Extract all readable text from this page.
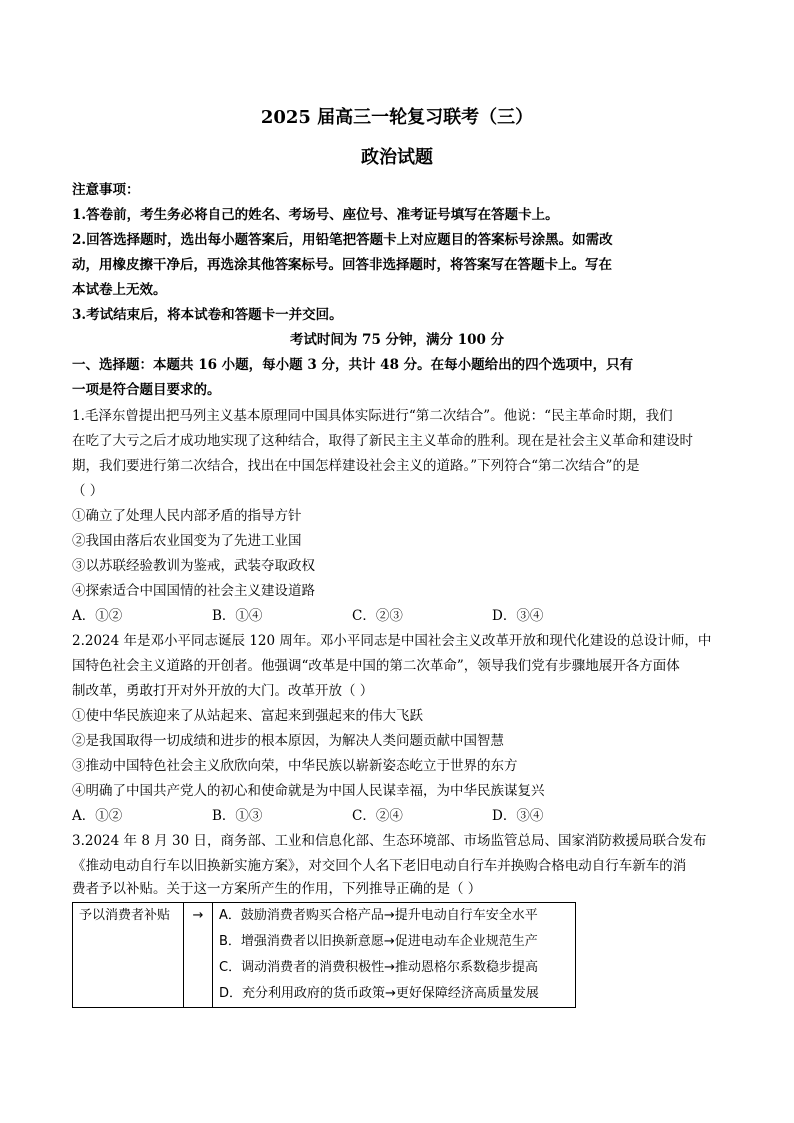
2025 届高三一轮复习联考（三）
政治试题
注意事项：
1.答卷前，考生务必将自己的姓名、考场号、座位号、准考证号填写在答题卡上。
2.回答选择题时，选出每小题答案后，用铅笔把答题卡上对应题目的答案标号涂黑。如需改
动，用橡皮擦干净后，再选涂其他答案标号。回答非选择题时，将答案写在答题卡上。写在
本试卷上无效。
3.考试结束后，将本试卷和答题卡一并交回。
考试时间为 75 分钟，满分 100 分
一、选择题：本题共 16 小题，每小题 3 分，共计 48 分。在每小题给出的四个选项中，只有
一项是符合题目要求的。
1.毛泽东曾提出把马列主义基本原理同中国具体实际进行“第二次结合”。他说：“民主革命时期，我们
在吃了大亏之后才成功地实现了这种结合，取得了新民主主义革命的胜利。现在是社会主义革命和建设时
期，我们要进行第二次结合，找出在中国怎样建设社会主义的道路。”下列符合“第二次结合”的是
（ ）
①确立了处理人民内部矛盾的指导方针
②我国由落后农业国变为了先进工业国
③以苏联经验教训为鉴戒，武装夺取政权
④探索适合中国国情的社会主义建设道路
A．①②	B．①④	C．②③	D．③④
2.2024 年是邓小平同志诞辰 120 周年。邓小平同志是中国社会主义改革开放和现代化建设的总设计师，中
国特色社会主义道路的开创者。他强调“改革是中国的第二次革命”，领导我们党有步骤地展开各方面体
制改革，勇敢打开对外开放的大门。改革开放（ ）
①使中华民族迎来了从站起来、富起来到强起来的伟大飞跃
②是我国取得一切成绩和进步的根本原因，为解决人类问题贡献中国智慧
③推动中国特色社会主义欣欣向荣，中华民族以崭新姿态屹立于世界的东方
④明确了中国共产党人的初心和使命就是为中国人民谋幸福，为中华民族谋复兴
A．①②	B．①③	C．②④	D．③④
3.2024 年 8 月 30 日，商务部、工业和信息化部、生态环境部、市场监管总局、国家消防救援局联合发布
《推动电动自行车以旧换新实施方案》，对交回个人名下老旧电动自行车并换购合格电动自行车新车的消
费者予以补贴。关于这一方案所产生的作用，下列推导正确的是（ ）
予以消费者补贴	→	A．鼓励消费者购买合格产品→提升电动自行车安全水平
B．增强消费者以旧换新意愿→促进电动车企业规范生产
C．调动消费者的消费积极性→推动恩格尔系数稳步提高
D．充分利用政府的货币政策→更好保障经济高质量发展
